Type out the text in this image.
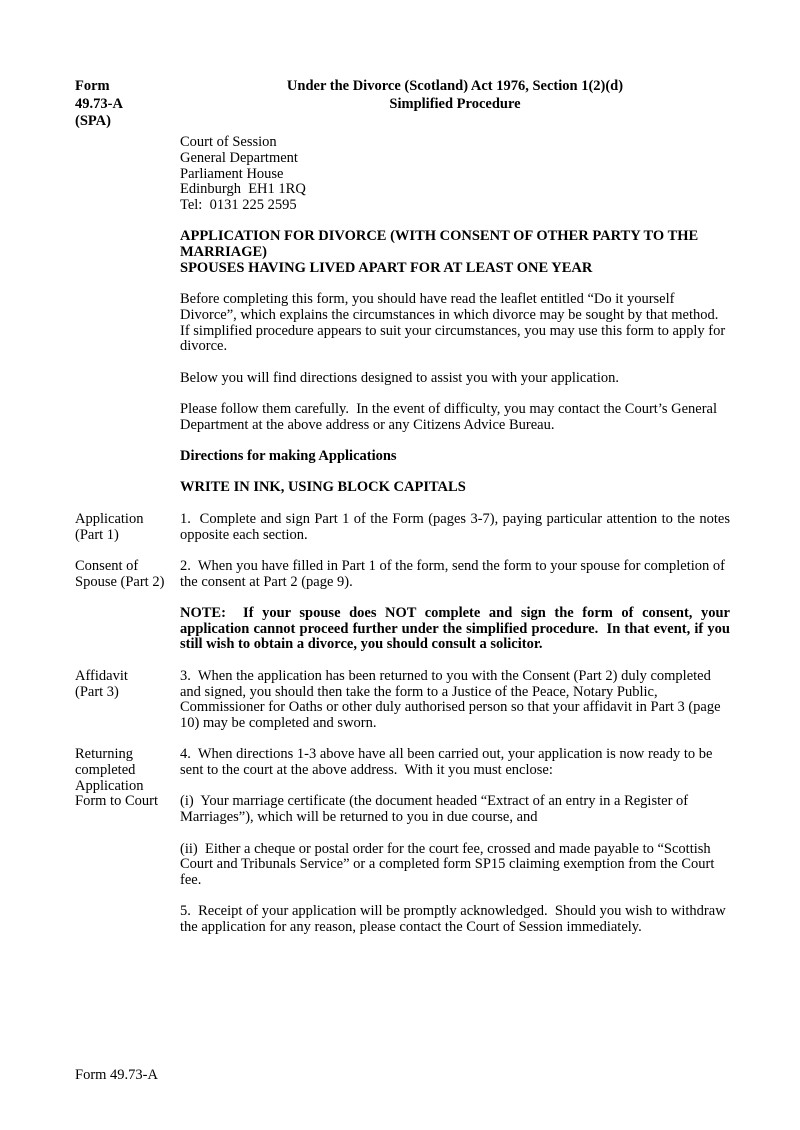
Form
49.73-A
(SPA)
Under the Divorce (Scotland) Act 1976, Section 1(2)(d)
Simplified Procedure
Court of Session
General Department
Parliament House
Edinburgh  EH1 1RQ
Tel:  0131 225 2595
APPLICATION FOR DIVORCE (WITH CONSENT OF OTHER PARTY TO THE MARRIAGE)
SPOUSES HAVING LIVED APART FOR AT LEAST ONE YEAR

Before completing this form, you should have read the leaflet entitled “Do it yourself Divorce”, which explains the circumstances in which divorce may be sought by that method.  If simplified procedure appears to suit your circumstances, you may use this form to apply for divorce.

Below you will find directions designed to assist you with your application.

Please follow them carefully.  In the event of difficulty, you may contact the Court’s General Department at the above address or any Citizens Advice Bureau.

Directions for making Applications

WRITE IN INK, USING BLOCK CAPITALS

Application
(Part 1)

1.  Complete and sign Part 1 of the Form (pages 3-7), paying particular attention to the notes opposite each section.

Consent of
Spouse (Part 2)

2.  When you have filled in Part 1 of the form, send the form to your spouse for completion of the consent at Part 2 (page 9).

NOTE:  If your spouse does NOT complete and sign the form of consent, your application cannot proceed further under the simplified procedure.  In that event, if you still wish to obtain a divorce, you should consult a solicitor.

Affidavit
(Part 3)

3.  When the application has been returned to you with the Consent (Part 2) duly completed and signed, you should then take the form to a Justice of the Peace, Notary Public, Commissioner for Oaths or other duly authorised person so that your affidavit in Part 3 (page 10) may be completed and sworn.

Returning
completed
Application
Form to Court

4.  When directions 1-3 above have all been carried out, your application is now ready to be sent to the court at the above address.  With it you must enclose:

(i)  Your marriage certificate (the document headed “Extract of an entry in a Register of Marriages”), which will be returned to you in due course, and

(ii)  Either a cheque or postal order for the court fee, crossed and made payable to “Scottish Court and Tribunals Service” or a completed form SP15 claiming exemption from the Court fee.

5.  Receipt of your application will be promptly acknowledged.  Should you wish to withdraw the application for any reason, please contact the Court of Session immediately.

Form 49.73-A
